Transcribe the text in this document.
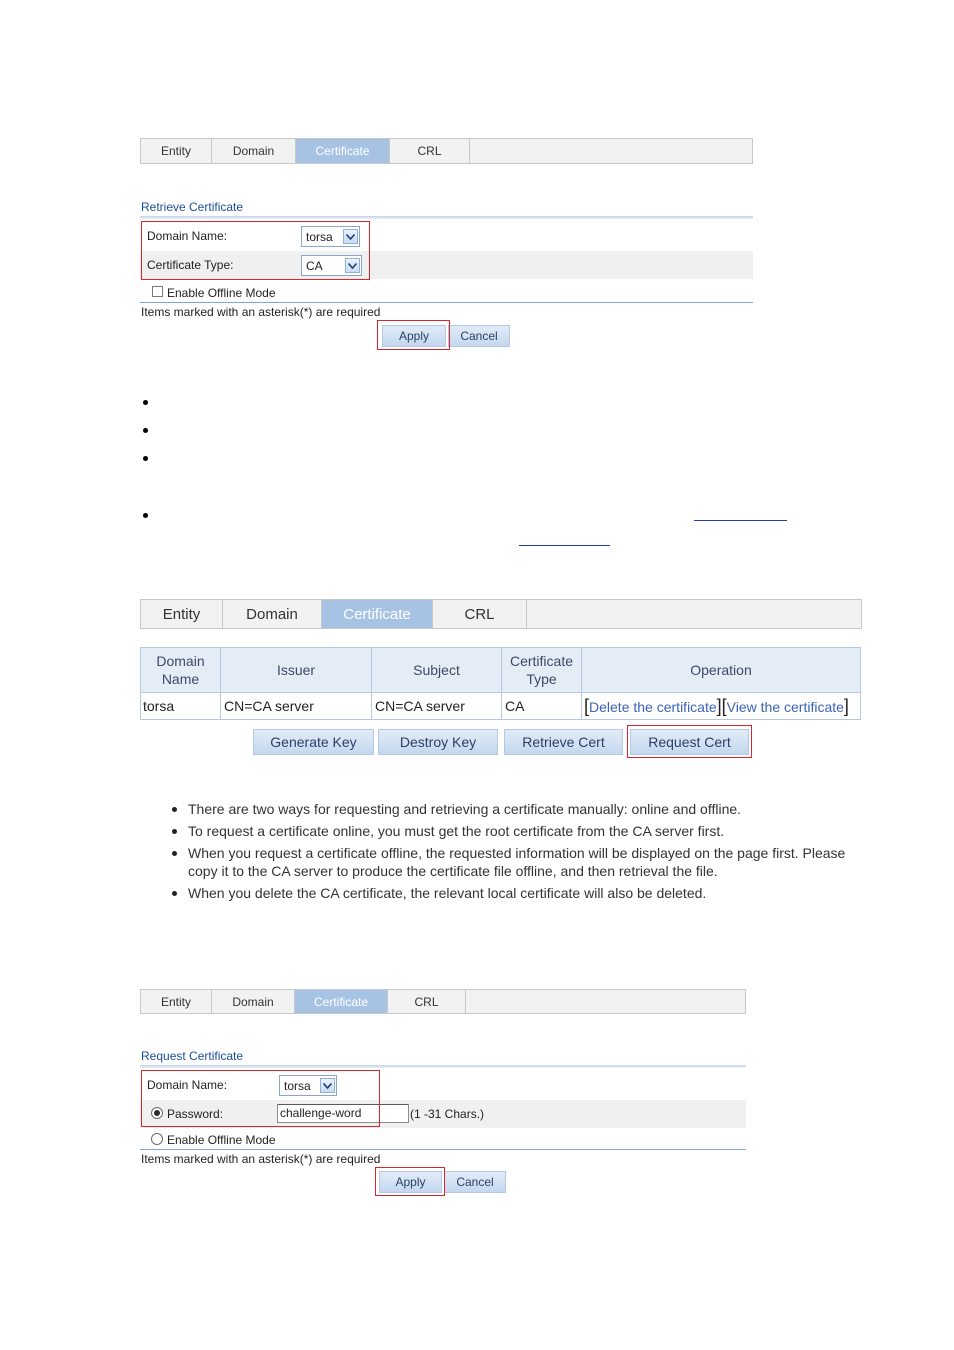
Entity	Domain	Certificate	CRL
Retrieve Certificate
Domain Name:	torsa
Certificate Type:	CA
Enable Offline Mode
Items marked with an asterisk(*) are required
Apply	Cancel
Entity	Domain	Certificate	CRL
Domain Name	Issuer	Subject	Certificate Type	Operation
torsa	CN=CA server	CN=CA server	CA	[Delete the certificate][View the certificate]
Generate Key	Destroy Key	Retrieve Cert	Request Cert
There are two ways for requesting and retrieving a certificate manually: online and offline.
To request a certificate online, you must get the root certificate from the CA server first.
When you request a certificate offline, the requested information will be displayed on the page first. Please copy it to the CA server to produce the certificate file offline, and then retrieval the file.
When you delete the CA certificate, the relevant local certificate will also be deleted.
Entity	Domain	Certificate	CRL
Request Certificate
Domain Name:	torsa
Password:	challenge-word	(1 -31 Chars.)
Enable Offline Mode
Items marked with an asterisk(*) are required
Apply	Cancel
